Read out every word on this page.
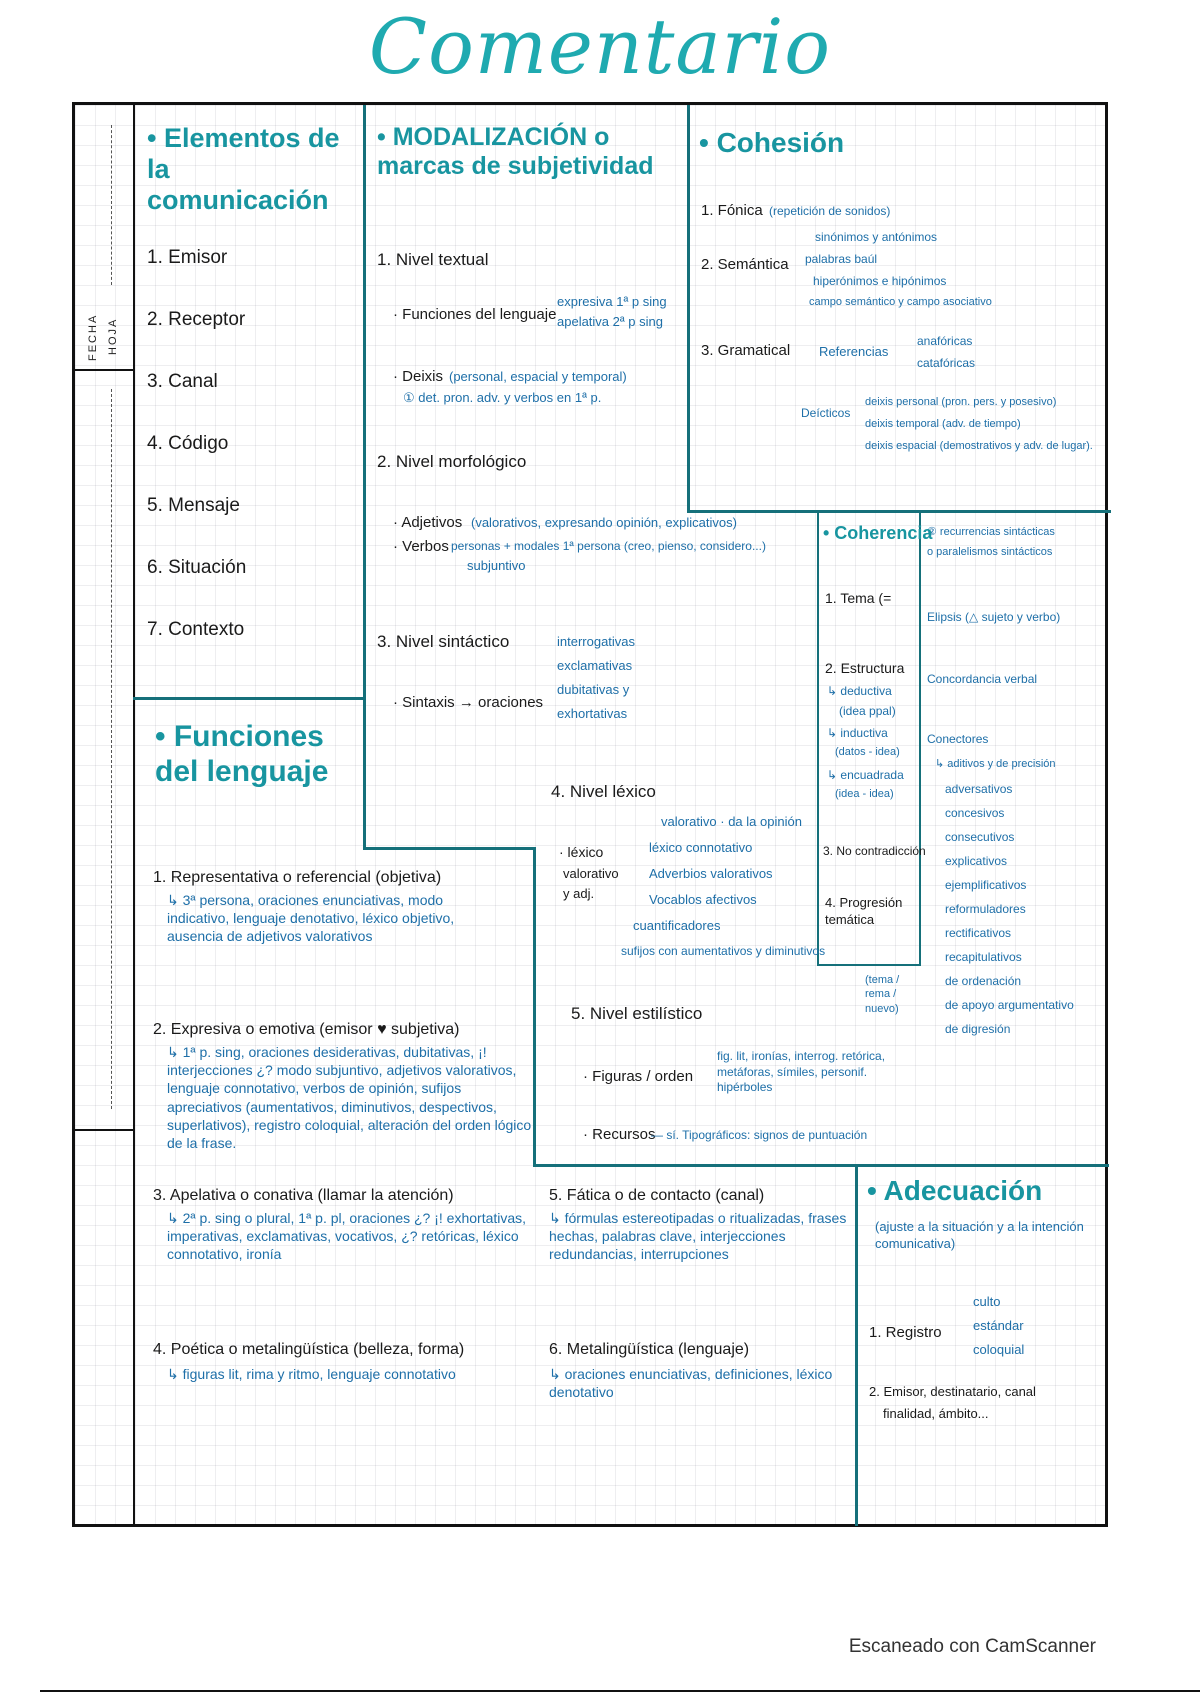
Comentario
FECHA HOJA
• Elementos de la comunicación
1. Emisor
2. Receptor
3. Canal
4. Código
5. Mensaje
6. Situación
7. Contexto
• Funciones del lenguaje
1. Representativa o referencial (objetiva)
↳ 3ª persona, oraciones enunciativas, modo indicativo, lenguaje denotativo, léxico objetivo, ausencia de adjetivos valorativos
2. Expresiva o emotiva (emisor ♥ subjetiva)
↳ 1ª p. sing, oraciones desiderativas, dubitativas, ¡! interjecciones ¿? modo subjuntivo, adjetivos valorativos, lenguaje connotativo, verbos de opinión, sufijos apreciativos (aumentativos, diminutivos, despectivos, superlativos), registro coloquial, alteración del orden lógico de la frase.
3. Apelativa o conativa (llamar la atención)
↳ 2ª p. sing o plural, 1ª p. pl, oraciones ¿? ¡! exhortativas, imperativas, exclamativas, vocativos, ¿? retóricas, léxico connotativo, ironía
4. Poética o metalingüística (belleza, forma)
↳ figuras lit, rima y ritmo, lenguaje connotativo
5. Fática o de contacto (canal)
↳ fórmulas estereotipadas o ritualizadas, frases hechas, palabras clave, interjecciones redundancias, interrupciones
6. Metalingüística (lenguaje)
↳ oraciones enunciativas, definiciones, léxico denotativo
• MODALIZACIÓN o marcas de subjetividad
1. Nivel textual
· Funciones del lenguaje
expresiva 1ª p sing
apelativa 2ª p sing
· Deixis (personal, espacial y temporal)
① det. pron. adv. y verbos en 1ª p.
2. Nivel morfológico
· Adjetivos (valorativos, expresando opinión, explicativos)
· Verbos personas + modales 1ª persona (creo, pienso, considero...)
subjuntivo
3. Nivel sintáctico
· Sintaxis → oraciones
interrogativas
exclamativas
dubitativas y
exhortativas
4. Nivel léxico
· léxico
valorativo
y adj.
valorativo · da la opinión
léxico connotativo
Adverbios valorativos
Vocablos afectivos
cuantificadores
sufijos con aumentativos y diminutivos
5. Nivel estilístico
· Figuras / orden
fig. lit, ironías, interrog. retórica, metáforas, símiles, personif. hipérboles
· Recursos
— sí. Tipográficos: signos de puntuación
• Cohesión
1. Fónica (repetición de sonidos)
2. Semántica
sinónimos y antónimos
palabras baúl
hiperónimos e hipónimos
campo semántico y campo asociativo
3. Gramatical Referencias
anafóricas
catafóricas
Deícticos
deixis personal (pron. pers. y posesivo)
deixis temporal (adv. de tiempo)
deixis espacial (demostrativos y adv. de lugar).
② recurrencias sintácticas
o paralelismos sintácticos
Elipsis (△ sujeto y verbo)
Concordancia verbal
Conectores
↳ aditivos y de precisión
adversativos
concesivos
consecutivos
explicativos
ejemplificativos
reformuladores
rectificativos
recapitulativos
de ordenación
de apoyo argumentativo
de digresión
• Coherencia
1. Tema (=
2. Estructura
↳ deductiva
(idea ppal)
↳ inductiva
(datos - idea)
↳ encuadrada
(idea - idea)
3. No contradicción
4. Progresión temática
(tema / rema / nuevo)
• Adecuación
(ajuste a la situación y a la intención comunicativa)
1. Registro
culto
estándar
coloquial
2. Emisor, destinatario, canal
finalidad, ámbito...
Escaneado con CamScanner
